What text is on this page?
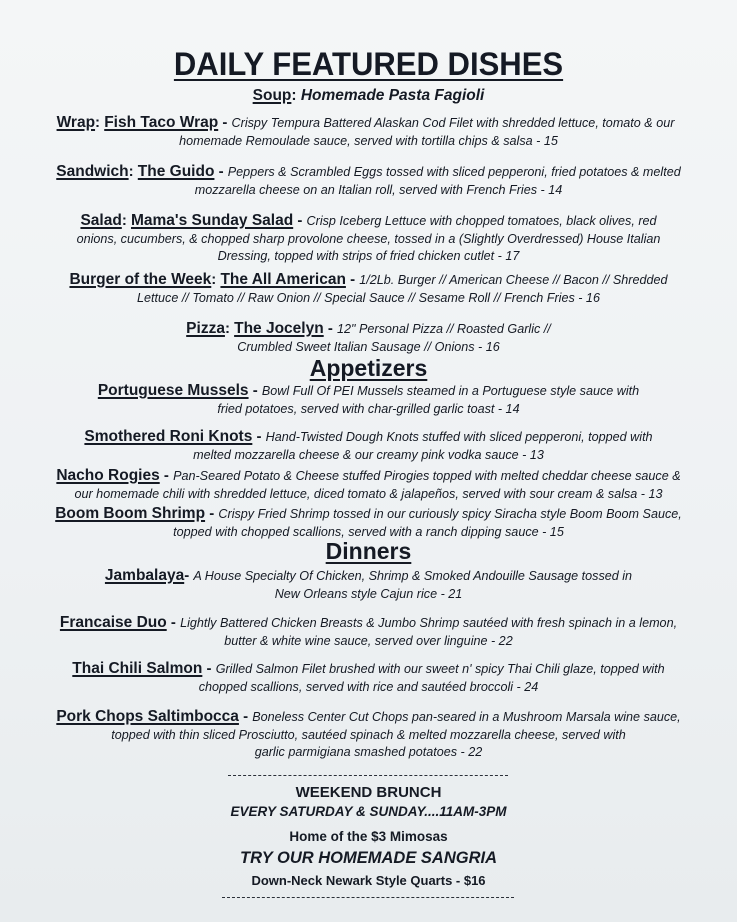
DAILY FEATURED DISHES
Soup: Homemade Pasta Fagioli
Wrap: Fish Taco Wrap - Crispy Tempura Battered Alaskan Cod Filet with shredded lettuce, tomato & our
homemade Remoulade sauce, served with tortilla chips & salsa - 15
Sandwich: The Guido - Peppers & Scrambled Eggs tossed with sliced pepperoni, fried potatoes & melted
mozzarella cheese on an Italian roll, served with French Fries - 14
Salad: Mama's Sunday Salad - Crisp Iceberg Lettuce with chopped tomatoes, black olives, red
onions, cucumbers, & chopped sharp provolone cheese, tossed in a (Slightly Overdressed) House Italian
Dressing, topped with strips of fried chicken cutlet - 17
Burger of the Week: The All American - 1/2Lb. Burger // American Cheese // Bacon // Shredded
Lettuce // Tomato // Raw Onion // Special Sauce // Sesame Roll // French Fries - 16
Pizza: The Jocelyn - 12" Personal Pizza // Roasted Garlic //
Crumbled Sweet Italian Sausage // Onions - 16
Appetizers
Portuguese Mussels - Bowl Full Of PEI Mussels steamed in a Portuguese style sauce with
fried potatoes, served with char-grilled garlic toast - 14
Smothered Roni Knots - Hand-Twisted Dough Knots stuffed with sliced pepperoni, topped with
melted mozzarella cheese & our creamy pink vodka sauce - 13
Nacho Rogies - Pan-Seared Potato & Cheese stuffed Pirogies topped with melted cheddar cheese sauce &
our homemade chili with shredded lettuce, diced tomato & jalapeños, served with sour cream & salsa - 13
Boom Boom Shrimp - Crispy Fried Shrimp tossed in our curiously spicy Siracha style Boom Boom Sauce,
topped with chopped scallions, served with a ranch dipping sauce - 15
Dinners
Jambalaya- A House Specialty Of Chicken, Shrimp & Smoked Andouille Sausage tossed in
New Orleans style Cajun rice - 21
Francaise Duo - Lightly Battered Chicken Breasts & Jumbo Shrimp sautéed with fresh spinach in a lemon,
butter & white wine sauce, served over linguine - 22
Thai Chili Salmon - Grilled Salmon Filet brushed with our sweet n' spicy Thai Chili glaze, topped with
chopped scallions, served with rice and sautéed broccoli - 24
Pork Chops Saltimbocca - Boneless Center Cut Chops pan-seared in a Mushroom Marsala wine sauce,
topped with thin sliced Prosciutto, sautéed spinach & melted mozzarella cheese, served with
garlic parmigiana smashed potatoes - 22
WEEKEND BRUNCH
EVERY SATURDAY & SUNDAY....11AM-3PM
Home of the $3 Mimosas
TRY OUR HOMEMADE SANGRIA
Down-Neck Newark Style Quarts - $16
